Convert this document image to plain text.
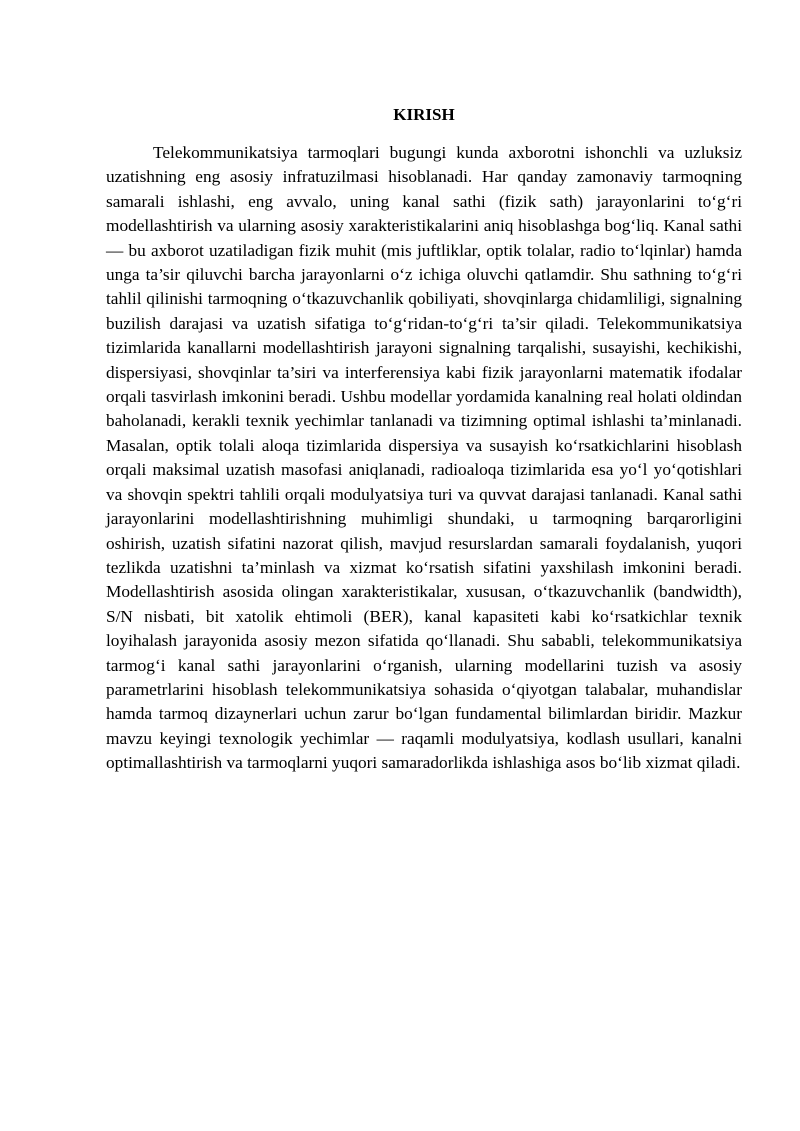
KIRISH

Telekommunikatsiya tarmoqlari bugungi kunda axborotni ishonchli va uzluksiz uzatishning eng asosiy infratuzilmasi hisoblanadi. Har qanday zamonaviy tarmoqning samarali ishlashi, eng avvalo, uning kanal sathi (fizik sath) jarayonlarini to‘g‘ri modellashtirish va ularning asosiy xarakteristikalarini aniq hisoblashga bog‘liq. Kanal sathi — bu axborot uzatiladigan fizik muhit (mis juftliklar, optik tolalar, radio to‘lqinlar) hamda unga ta’sir qiluvchi barcha jarayonlarni o‘z ichiga oluvchi qatlamdir. Shu sathning to‘g‘ri tahlil qilinishi tarmoqning o‘tkazuvchanlik qobiliyati, shovqinlarga chidamliligi, signalning buzilish darajasi va uzatish sifatiga to‘g‘ridan-to‘g‘ri ta’sir qiladi. Telekommunikatsiya tizimlarida kanallarni modellashtirish jarayoni signalning tarqalishi, susayishi, kechikishi, dispersiyasi, shovqinlar ta’siri va interferensiya kabi fizik jarayonlarni matematik ifodalar orqali tasvirlash imkonini beradi. Ushbu modellar yordamida kanalning real holati oldindan baholanadi, kerakli texnik yechimlar tanlanadi va tizimning optimal ishlashi ta’minlanadi. Masalan, optik tolali aloqa tizimlarida dispersiya va susayish ko‘rsatkichlarini hisoblash orqali maksimal uzatish masofasi aniqlanadi, radioaloqa tizimlarida esa yo‘l yo‘qotishlari va shovqin spektri tahlili orqali modulyatsiya turi va quvvat darajasi tanlanadi. Kanal sathi jarayonlarini modellashtirishning muhimligi shundaki, u tarmoqning barqarorligini oshirish, uzatish sifatini nazorat qilish, mavjud resurslardan samarali foydalanish, yuqori tezlikda uzatishni ta’minlash va xizmat ko‘rsatish sifatini yaxshilash imkonini beradi. Modellashtirish asosida olingan xarakteristikalar, xususan, o‘tkazuvchanlik (bandwidth), S/N nisbati, bit xatolik ehtimoli (BER), kanal kapasiteti kabi ko‘rsatkichlar texnik loyihalash jarayonida asosiy mezon sifatida qo‘llanadi. Shu sababli, telekommunikatsiya tarmog‘i kanal sathi jarayonlarini o‘rganish, ularning modellarini tuzish va asosiy parametrlarini hisoblash telekommunikatsiya sohasida o‘qiyotgan talabalar, muhandislar hamda tarmoq dizaynerlari uchun zarur bo‘lgan fundamental bilimlardan biridir. Mazkur mavzu keyingi texnologik yechimlar — raqamli modulyatsiya, kodlash usullari, kanalni optimallashtirish va tarmoqlarni yuqori samaradorlikda ishlashiga asos bo‘lib xizmat qiladi.
